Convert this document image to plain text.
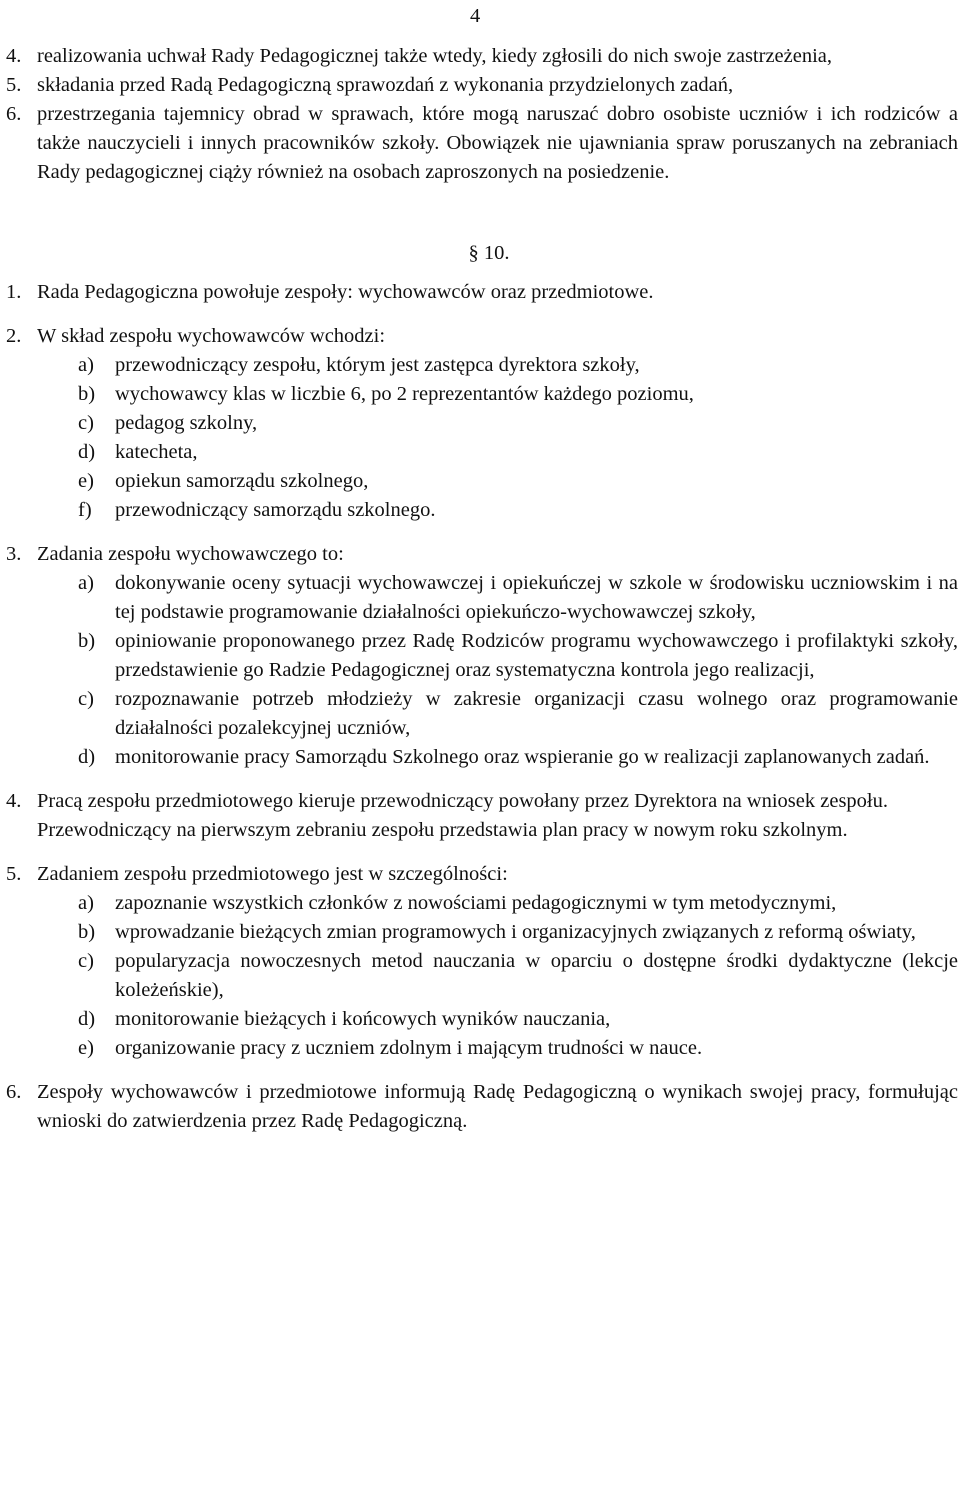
4
4. realizowania uchwał Rady Pedagogicznej także wtedy, kiedy zgłosili do nich swoje zastrzeżenia,
5. składania przed Radą Pedagogiczną sprawozdań z wykonania przydzielonych zadań,
6. przestrzegania tajemnicy obrad w sprawach, które mogą naruszać dobro osobiste uczniów i ich rodziców a także nauczycieli i innych pracowników szkoły. Obowiązek nie ujawniania spraw poruszanych na zebraniach Rady pedagogicznej ciąży również na osobach zaproszonych na posiedzenie.
§ 10.
1. Rada Pedagogiczna powołuje zespoły: wychowawców oraz przedmiotowe.
2. W skład zespołu wychowawców wchodzi:
a) przewodniczący zespołu, którym jest zastępca dyrektora szkoły,
b) wychowawcy klas w liczbie 6, po 2 reprezentantów każdego poziomu,
c) pedagog szkolny,
d) katecheta,
e) opiekun samorządu szkolnego,
f) przewodniczący samorządu szkolnego.
3. Zadania zespołu wychowawczego to:
a) dokonywanie oceny sytuacji wychowawczej i opiekuńczej w szkole w środowisku uczniowskim i na tej podstawie programowanie działalności opiekuńczo-wychowawczej szkoły,
b) opiniowanie proponowanego przez Radę Rodziców programu wychowawczego i profilaktyki szkoły, przedstawienie go Radzie Pedagogicznej oraz systematyczna kontrola jego realizacji,
c) rozpoznawanie potrzeb młodzieży w zakresie organizacji czasu wolnego oraz programowanie działalności pozalekcyjnej uczniów,
d) monitorowanie pracy Samorządu Szkolnego oraz wspieranie go w realizacji zaplanowanych zadań.
4. Pracą zespołu przedmiotowego kieruje przewodniczący powołany przez Dyrektora na wniosek zespołu.

Przewodniczący na pierwszym zebraniu zespołu przedstawia plan pracy w nowym roku szkolnym.

5. Zadaniem zespołu przedmiotowego jest w szczególności:
a) zapoznanie wszystkich członków z nowościami pedagogicznymi w tym metodycznymi,
b) wprowadzanie bieżących zmian programowych i organizacyjnych związanych z reformą oświaty,
c) popularyzacja nowoczesnych metod nauczania w oparciu o dostępne środki dydaktyczne (lekcje koleżeńskie),
d) monitorowanie bieżących i końcowych wyników nauczania,
e) organizowanie pracy z uczniem zdolnym i mającym trudności w nauce.
6. Zespoły wychowawców i przedmiotowe informują Radę Pedagogiczną o wynikach swojej pracy, formułując wnioski do zatwierdzenia przez Radę Pedagogiczną.
